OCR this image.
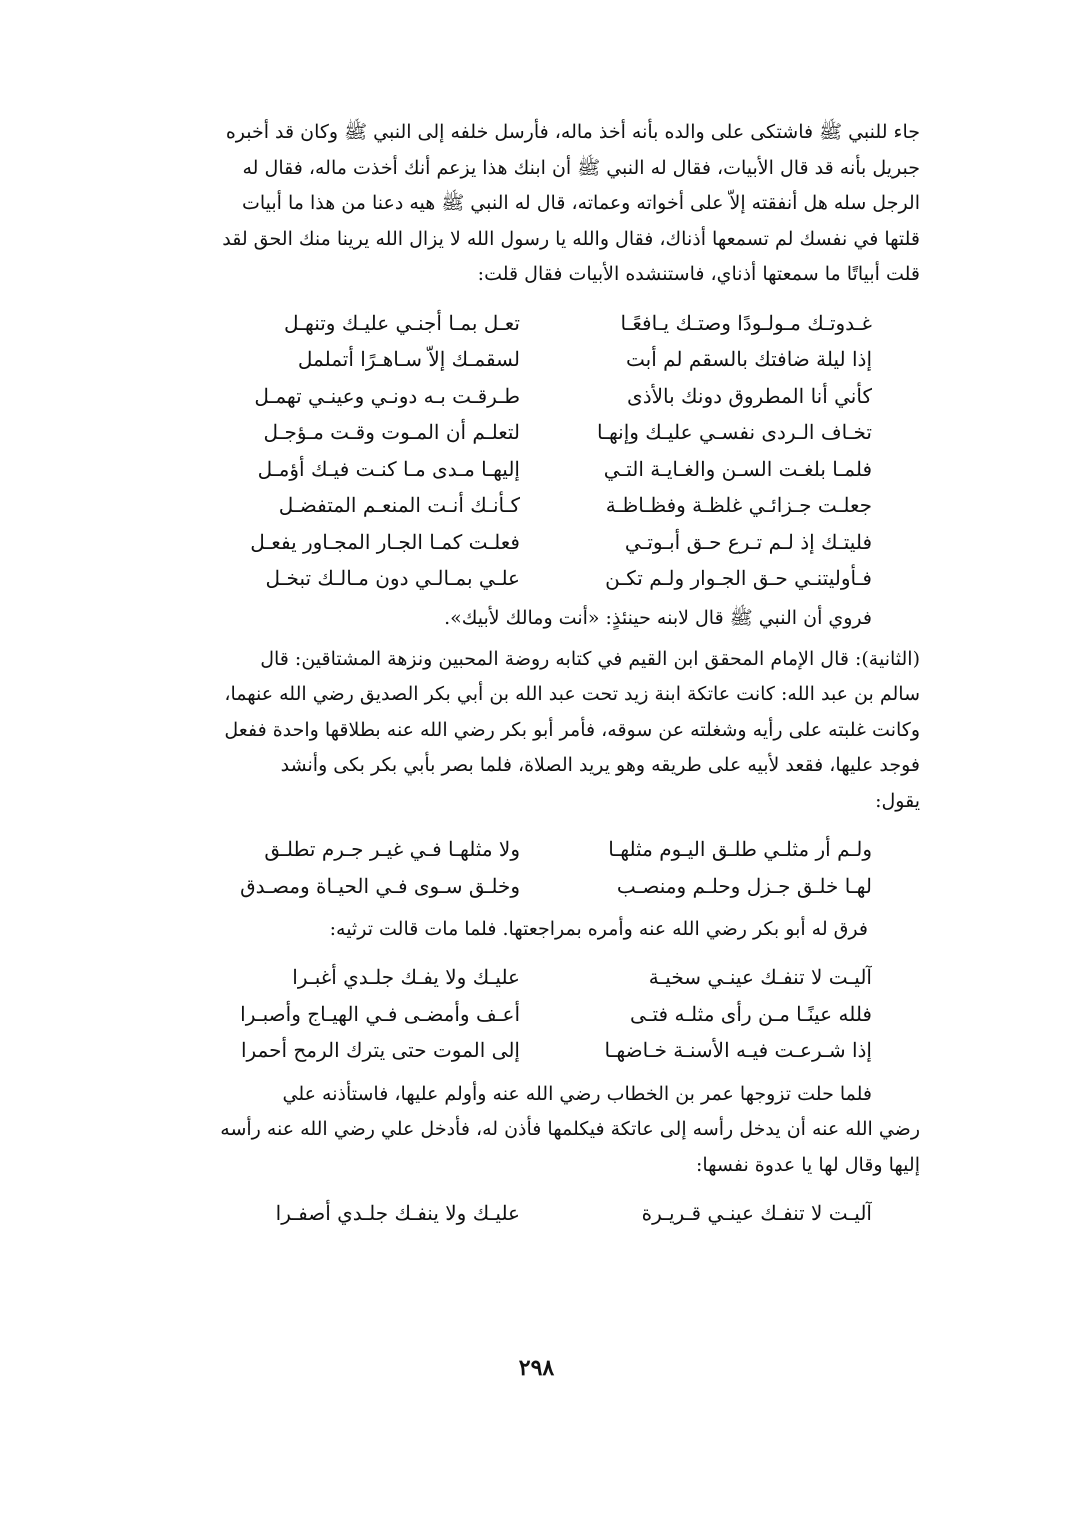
جاء للنبي ﷺ فاشتكى على والده بأنه أخذ ماله، فأرسل خلفه إلى النبي ﷺ وكان قد أخبره

جبريل بأنه قد قال الأبيات، فقال له النبي ﷺ أن ابنك هذا يزعم أنك أخذت ماله، فقال له

الرجل سله هل أنفقته إلاّ على أخواته وعماته، قال له النبي ﷺ هيه دعنا من هذا ما أبيات

قلتها في نفسك لم تسمعها أذناك، فقال والله يا رسول الله لا يزال الله يرينا منك الحق لقد

قلت أبياتًا ما سمعتها أذناي، فاستنشده الأبيات فقال قلت:

غـدوتـك مـولـودًا وصتـك يـافعًـا
تعـل بمـا أجنـي عليـك وتنهـل
إذا ليلة ضافتك بالسقم لم أبت
لسقمـك إلاّ سـاهـرًا أتململ
كأني أنا المطروق دونك بالأذى
طـرقـت بـه دونـي وعينـي تهمـل
تخـاف الـردى نفسـي عليـك وإنهـا
لتعلـم أن المـوت وقـت مـؤجـل
فلمـا بلغـت السـن والغـايـة التـي
إليهـا مـدى مـا كنـت فيـك أؤمـل
جعلـت جـزائـي غلظـة وفظـاظـة
كـأنـك أنـت المنعـم المتفضـل
فليتـك إذ لـم تـرع حـق أبـوتـي
فعلـت كمـا الجـار المجـاور يفعـل
فـأوليتنـي حـق الجـوار ولـم تكـن
علـي بمـالـي دون مـالـك تبخـل
فروي أن النبي ﷺ قال لابنه حينئذٍ: «أنت ومالك لأبيك».

(الثانية): قال الإمام المحقق ابن القيم في كتابه روضة المحبين ونزهة المشتاقين: قال

سالم بن عبد الله: كانت عاتكة ابنة زيد تحت عبد الله بن أبي بكر الصديق رضي الله عنهما،

وكانت غلبته على رأيه وشغلته عن سوقه، فأمر أبو بكر رضي الله عنه بطلاقها واحدة ففعل

فوجد عليها، فقعد لأبيه على طريقه وهو يريد الصلاة، فلما بصر بأبي بكر بكى وأنشد

يقول:

ولـم أر مثلـي طلـق اليـوم مثلهـا
ولا مثلهـا فـي غيـر جـرم تطلـق
لهـا خلـق جـزل وحلـم ومنصـب
وخلـق سـوى فـي الحيـاة ومصـدق
فرق له أبو بكر رضي الله عنه وأمره بمراجعتها. فلما مات قالت ترثيه:
آليـت لا تنفـك عينـي سخيـة
عليـك ولا يفـك جلـدي أغبـرا
فلله عينًـا مـن رأى مثلـه فتـى
أعـف وأمضـى فـي الهيـاج وأصبـرا
إذا شـرعـت فيـه الأسنـة خـاضهـا
إلى الموت حتى يترك الرمح أحمرا

فلما حلت تزوجها عمر بن الخطاب رضي الله عنه وأولم عليها، فاستأذنه علي

رضي الله عنه أن يدخل رأسه إلى عاتكة فيكلمها فأذن له، فأدخل علي رضي الله عنه رأسه

إليها وقال لها يا عدوة نفسها:

آليـت لا تنفـك عينـي قـريـرة
عليـك ولا ينفـك جلـدي أصفـرا
٢٩٨
